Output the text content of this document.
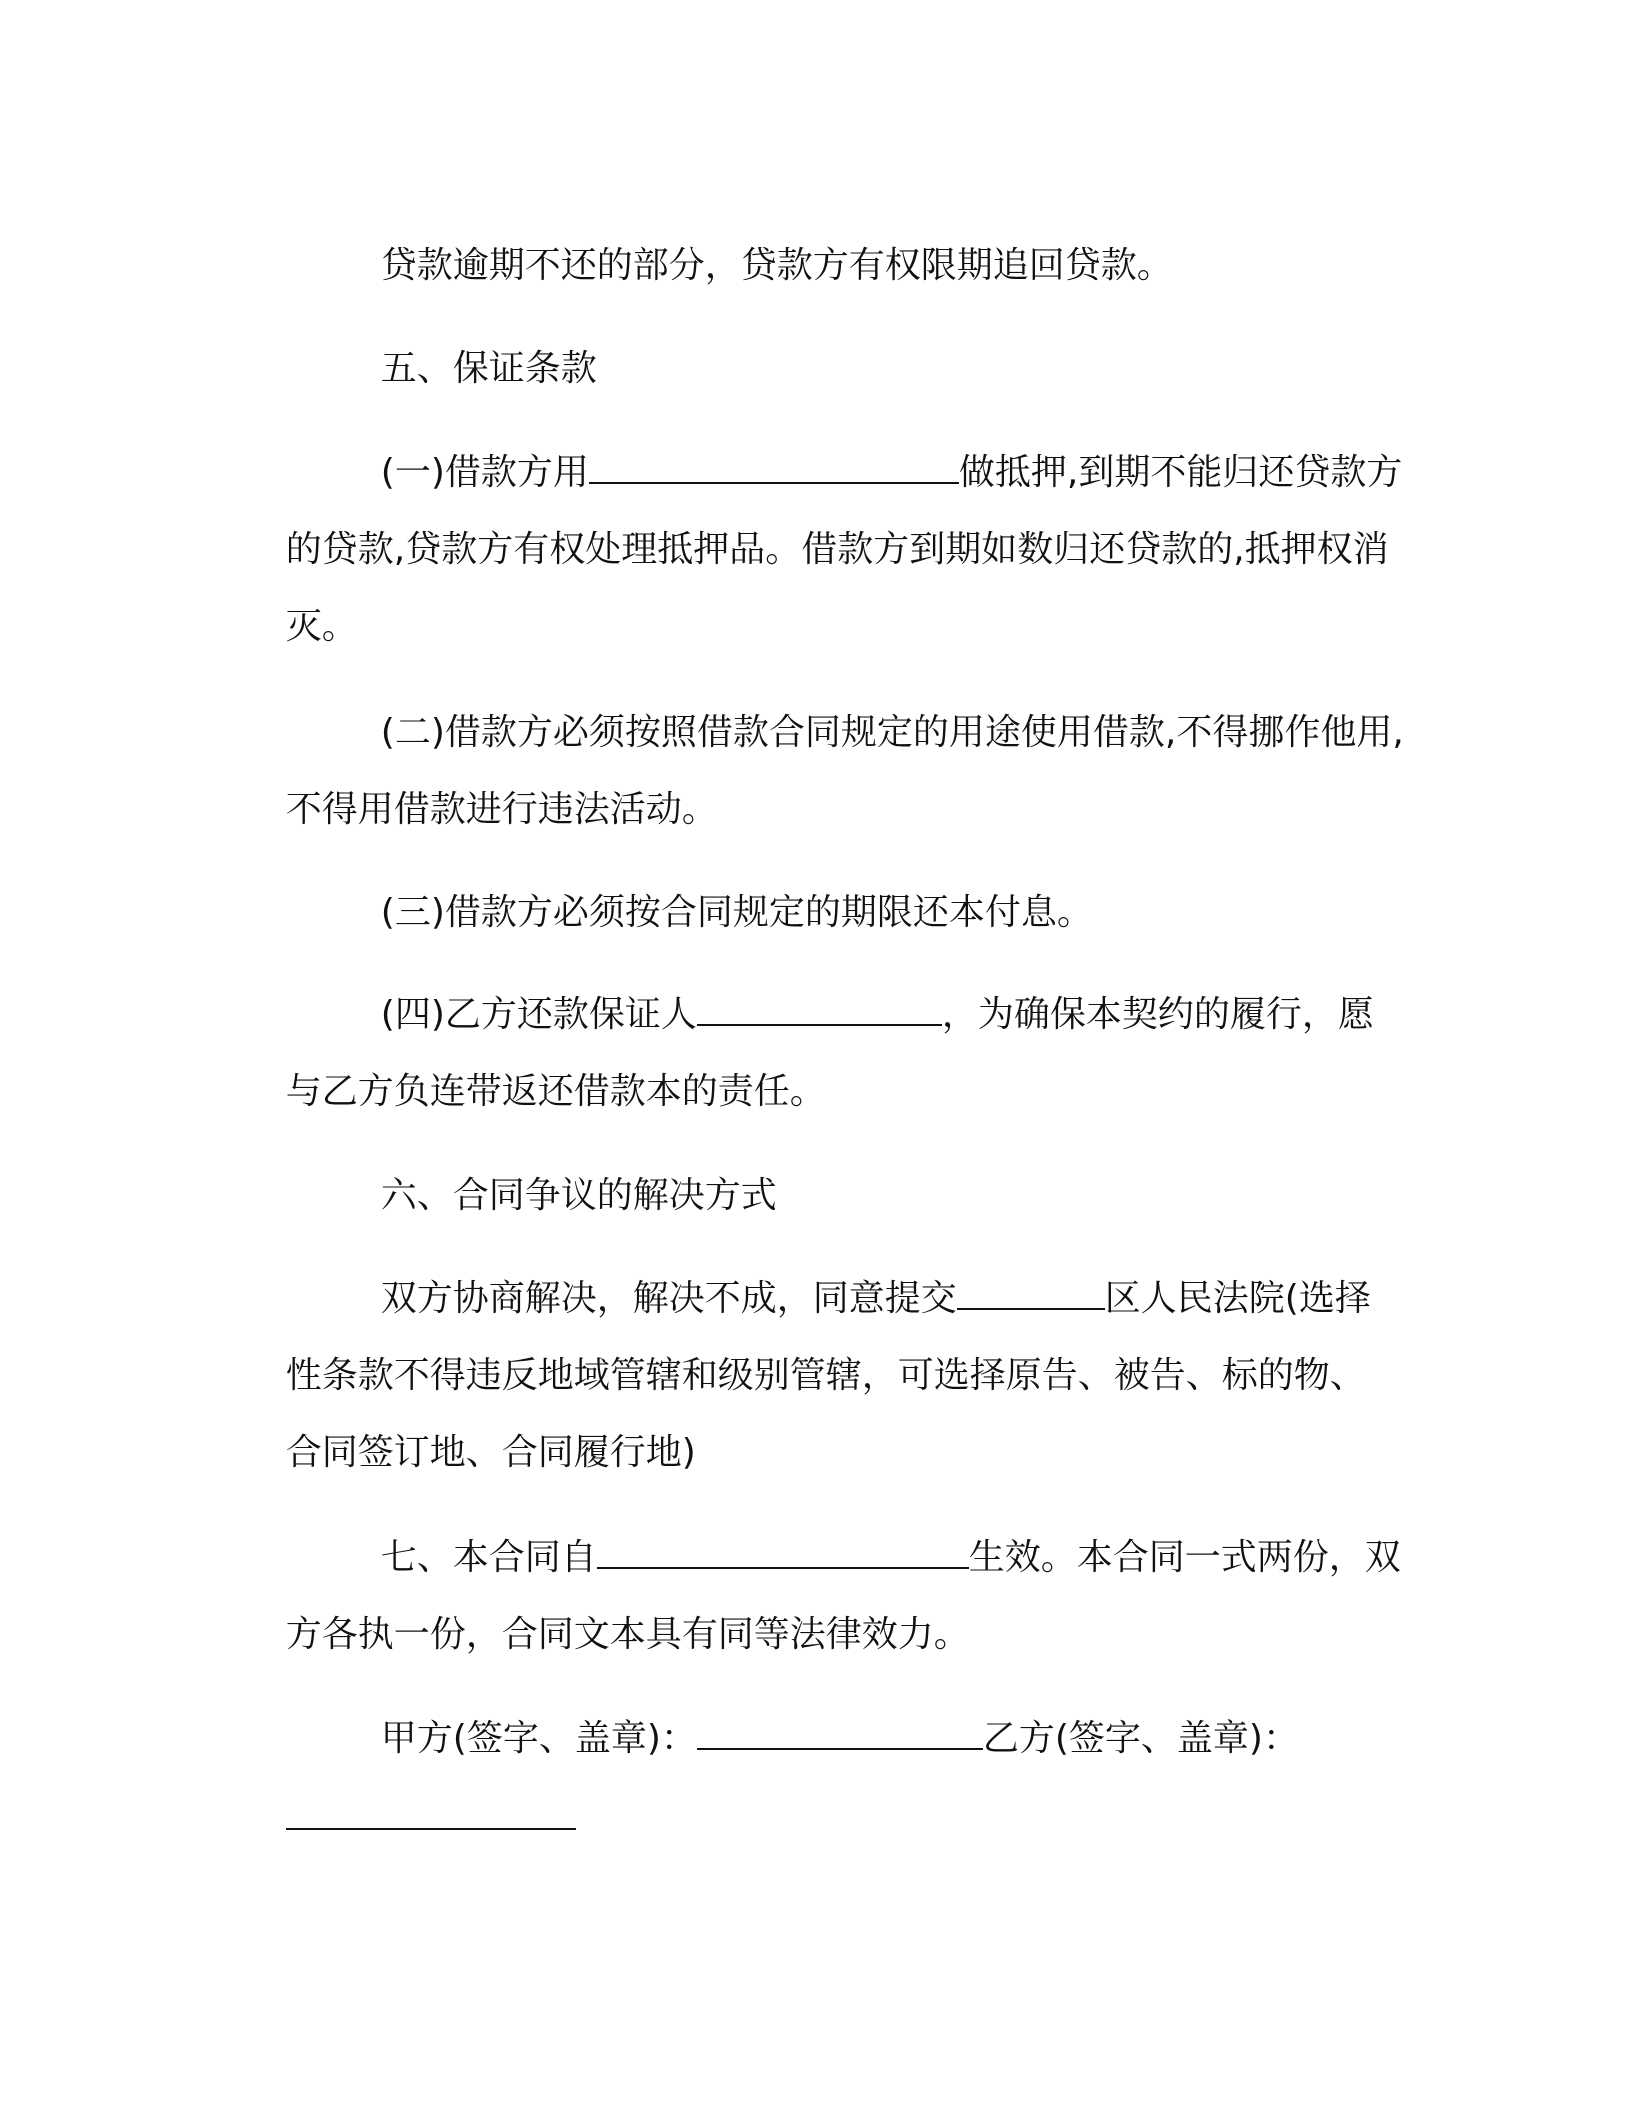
贷款逾期不还的部分，贷款方有权限期追回贷款。

五、保证条款

(一)借款方用	做抵押,到期不能归还贷款方

的贷款,贷款方有权处理抵押品。借款方到期如数归还贷款的,抵押权消

灭。

(二)借款方必须按照借款合同规定的用途使用借款,不得挪作他用,

不得用借款进行违法活动。

(三)借款方必须按合同规定的期限还本付息。

(四)乙方还款保证人	，为确保本契约的履行，愿

与乙方负连带返还借款本的责任。

六、合同争议的解决方式

双方协商解决，解决不成，同意提交	区人民法院(选择

性条款不得违反地域管辖和级别管辖，可选择原告、被告、标的物、

合同签订地、合同履行地)

七、本合同自	生效。本合同一式两份，双

方各执一份，合同文本具有同等法律效力。

甲方(签字、盖章)：	乙方(签字、盖章)：
